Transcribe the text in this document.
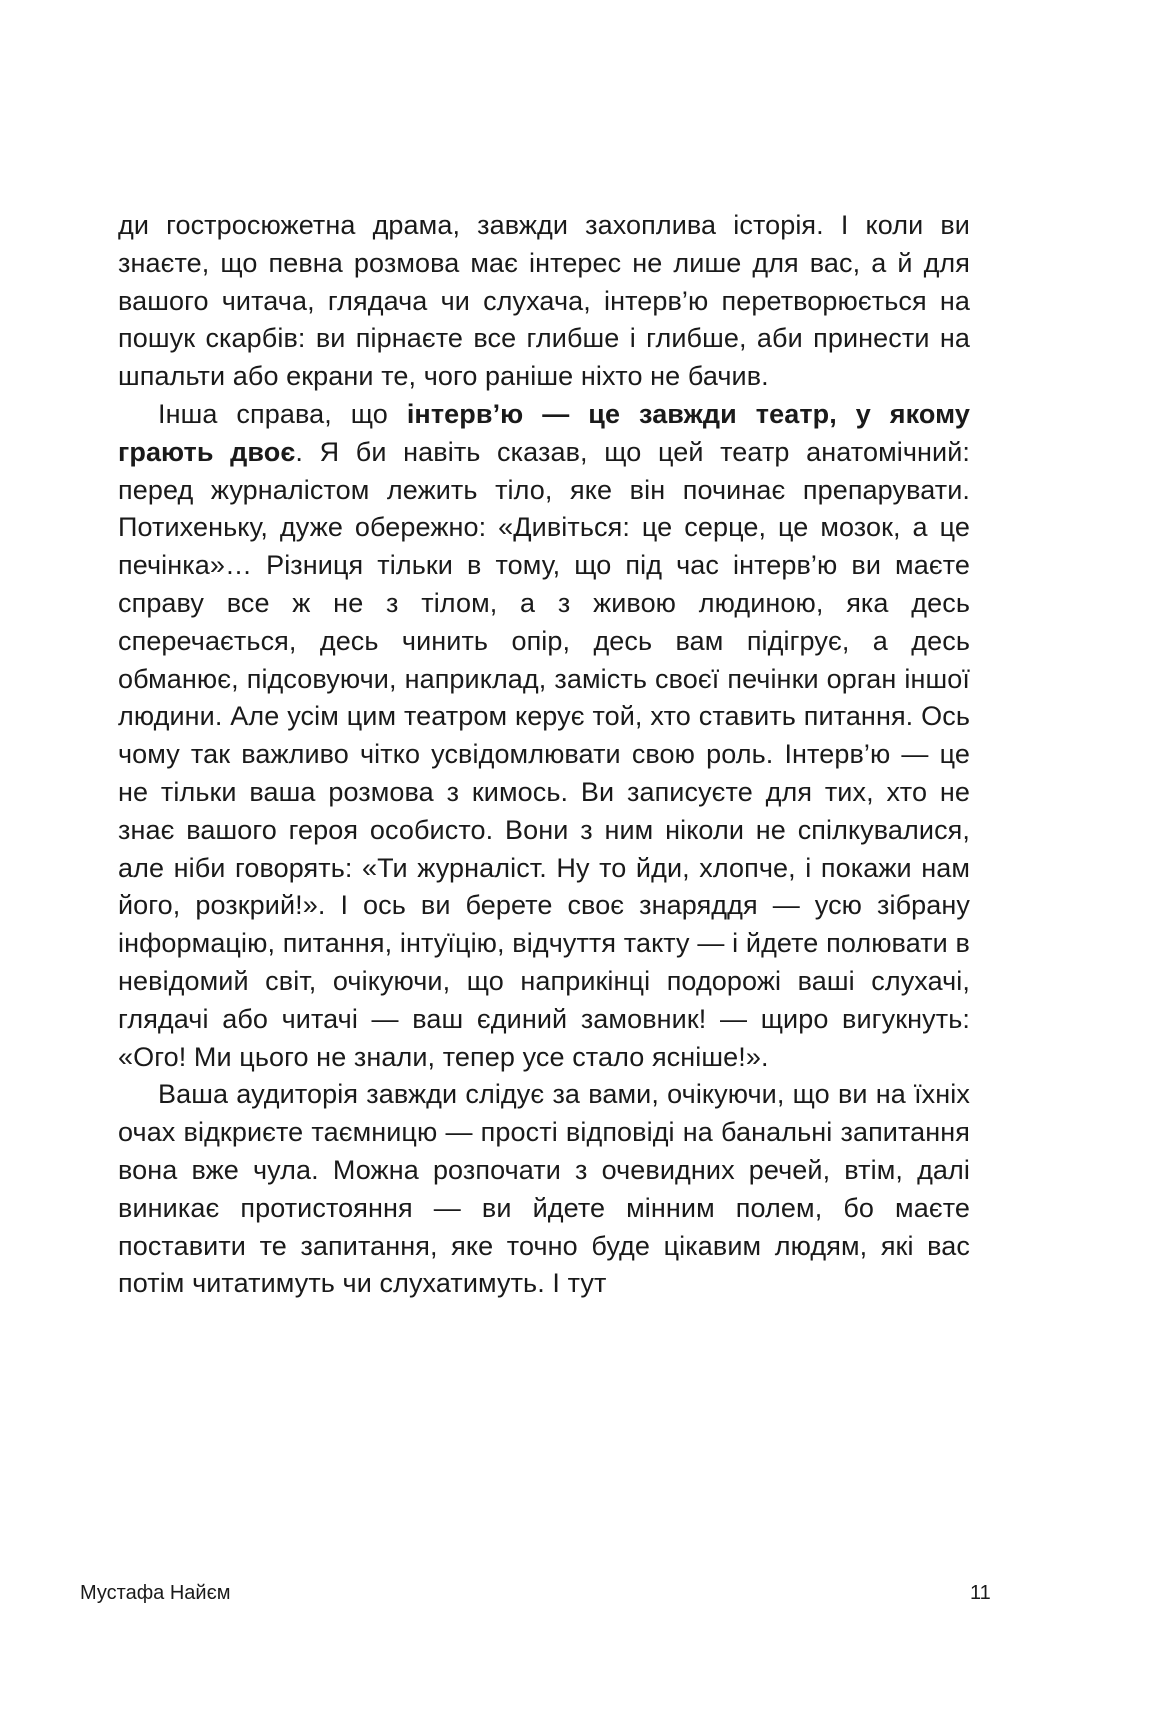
ди гостросюжетна драма, завжди захоплива історія. І коли ви знаєте, що певна розмова має інтерес не лише для вас, а й для вашого читача, глядача чи слухача, інтерв’ю перетворюється на пошук скарбів: ви пірнаєте все глибше і глибше, аби принести на шпальти або екрани те, чого раніше ніхто не бачив.

Інша справа, що інтерв’ю — це завжди театр, у якому грають двоє. Я би навіть сказав, що цей театр анатомічний: перед журналістом лежить тіло, яке він починає препарувати. Потихеньку, дуже обережно: «Дивіться: це серце, це мозок, а це печінка»… Різниця тільки в тому, що під час інтерв’ю ви маєте справу все ж не з тілом, а з живою людиною, яка десь сперечається, десь чинить опір, десь вам підігрує, а десь обманює, підсовуючи, наприклад, замість своєї печінки орган іншої людини. Але усім цим театром керує той, хто ставить питання. Ось чому так важливо чітко усвідомлювати свою роль. Інтерв’ю — це не тільки ваша розмова з кимось. Ви записуєте для тих, хто не знає вашого героя особисто. Вони з ним ніколи не спілкувалися, але ніби говорять: «Ти журналіст. Ну то йди, хлопче, і покажи нам його, розкрий!». І ось ви берете своє знаряддя — усю зібрану інформацію, питання, інтуїцію, відчуття такту — і йдете полювати в невідомий світ, очікуючи, що наприкінці подорожі ваші слухачі, глядачі або читачі — ваш єдиний замовник! — щиро вигукнуть: «Ого! Ми цього не знали, тепер усе стало ясніше!».

Ваша аудиторія завжди слідує за вами, очікуючи, що ви на їхніх очах відкриєте таємницю — прості відповіді на банальні запитання вона вже чула. Можна розпочати з очевидних речей, втім, далі виникає протистояння — ви йдете мінним полем, бо маєте поставити те запитання, яке точно буде цікавим людям, які вас потім читатимуть чи слухатимуть. І тут

Мустафа Найєм	11
